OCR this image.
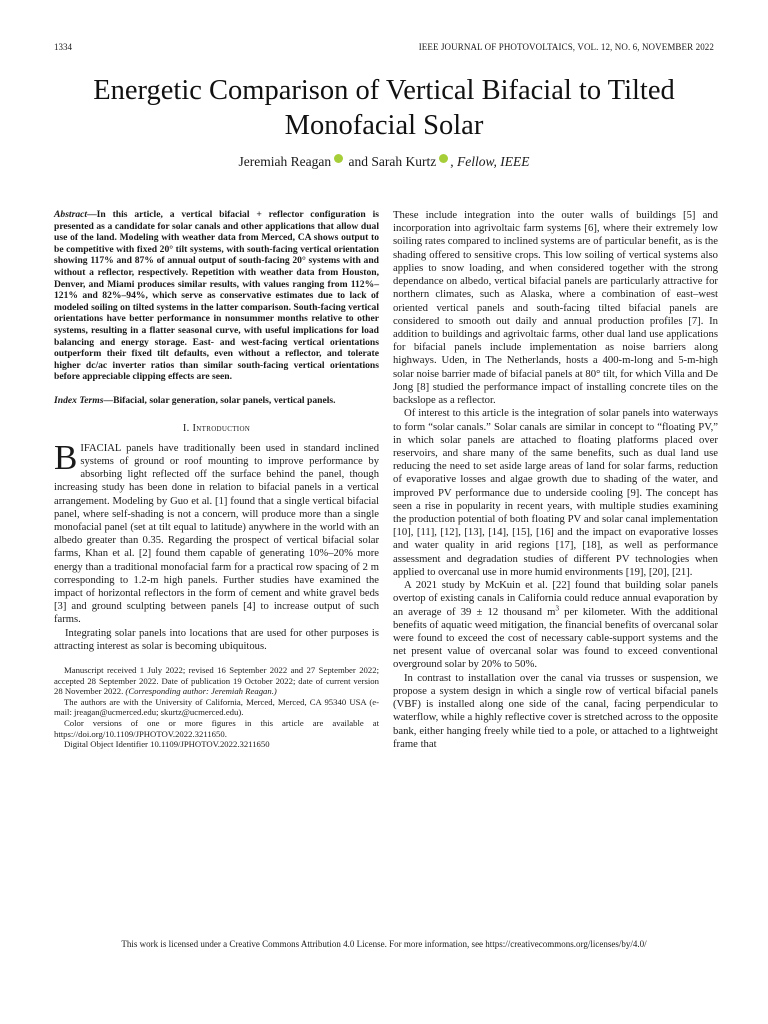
1334	IEEE JOURNAL OF PHOTOVOLTAICS, VOL. 12, NO. 6, NOVEMBER 2022
Energetic Comparison of Vertical Bifacial to Tilted Monofacial Solar
Jeremiah Reagan and Sarah Kurtz , Fellow, IEEE

Abstract—In this article, a vertical bifacial + reflector configuration is presented as a candidate for solar canals and other applications that allow dual use of the land. Modeling with weather data from Merced, CA shows output to be competitive with fixed 20° tilt systems, with south-facing vertical orientation showing 117% and 87% of annual output of south-facing 20° systems with and without a reflector, respectively. Repetition with weather data from Houston, Denver, and Miami produces similar results, with values ranging from 112%–121% and 82%–94%, which serve as conservative estimates due to lack of modeled soiling on tilted systems in the latter comparison. South-facing vertical orientations have better performance in nonsummer months relative to other systems, resulting in a flatter seasonal curve, with useful implications for load balancing and energy storage. East- and west-facing vertical orientations outperform their fixed tilt defaults, even without a reflector, and tolerate higher dc/ac inverter ratios than similar south-facing vertical orientations before appreciable clipping effects are seen.

Index Terms—Bifacial, solar generation, solar panels, vertical panels.

I. Introduction

BIFACIAL panels have traditionally been used in standard inclined systems of ground or roof mounting to improve performance by absorbing light reflected off the surface behind the panel, though increasing study has been done in relation to bifacial panels in a vertical arrangement. Modeling by Guo et al. [1] found that a single vertical bifacial panel, where self-shading is not a concern, will produce more than a single monofacial panel (set at tilt equal to latitude) anywhere in the world with an albedo greater than 0.35. Regarding the prospect of vertical bifacial solar farms, Khan et al. [2] found them capable of generating 10%–20% more energy than a traditional monofacial farm for a practical row spacing of 2 m corresponding to 1.2-m high panels. Further studies have examined the impact of horizontal reflectors in the form of cement and white gravel beds [3] and ground sculpting between panels [4] to increase output of such farms.

Integrating solar panels into locations that are used for other purposes is attracting interest as solar is becoming ubiquitous.

Manuscript received 1 July 2022; revised 16 September 2022 and 27 September 2022; accepted 28 September 2022. Date of publication 19 October 2022; date of current version 28 November 2022. (Corresponding author: Jeremiah Reagan.)

The authors are with the University of California, Merced, Merced, CA 95340 USA (e-mail: jreagan@ucmerced.edu; skurtz@ucmerced.edu).

Color versions of one or more figures in this article are available at https://doi.org/10.1109/JPHOTOV.2022.3211650.

Digital Object Identifier 10.1109/JPHOTOV.2022.3211650

These include integration into the outer walls of buildings [5] and incorporation into agrivoltaic farm systems [6], where their extremely low soiling rates compared to inclined systems are of particular benefit, as is the shading offered to sensitive crops. This low soiling of vertical systems also applies to snow loading, and when considered together with the strong dependance on albedo, vertical bifacial panels are particularly attractive for northern climates, such as Alaska, where a combination of east–west oriented vertical panels and south-facing tilted bifacial panels are considered to smooth out daily and annual production profiles [7]. In addition to buildings and agrivoltaic farms, other dual land use applications for bifacial panels include implementation as noise barriers along highways. Uden, in The Netherlands, hosts a 400-m-long and 5-m-high solar noise barrier made of bifacial panels at 80° tilt, for which Villa and De Jong [8] studied the performance impact of installing concrete tiles on the backslope as a reflector.

Of interest to this article is the integration of solar panels into waterways to form “solar canals.” Solar canals are similar in concept to “floating PV,” in which solar panels are attached to floating platforms placed over reservoirs, and share many of the same benefits, such as dual land use reducing the need to set aside large areas of land for solar farms, reduction of evaporative losses and algae growth due to shading of the water, and improved PV performance due to underside cooling [9]. The concept has seen a rise in popularity in recent years, with multiple studies examining the production potential of both floating PV and solar canal implementation [10], [11], [12], [13], [14], [15], [16] and the impact on evaporative losses and water quality in arid regions [17], [18], as well as performance assessment and degradation studies of different PV technologies when applied to overcanal use in more humid environments [19], [20], [21].

A 2021 study by McKuin et al. [22] found that building solar panels overtop of existing canals in California could reduce annual evaporation by an average of 39 ± 12 thousand $m^3$ per kilometer. With the additional benefits of aquatic weed mitigation, the financial benefits of overcanal solar were found to exceed the cost of necessary cable-support systems and the net present value of overcanal solar was found to exceed conventional overground solar by 20% to 50%.

In contrast to installation over the canal via trusses or suspension, we propose a system design in which a single row of vertical bifacial panels (VBF) is installed along one side of the canal, facing perpendicular to waterflow, while a highly reflective cover is stretched across to the opposite bank, either hanging freely while tied to a pole, or attached to a lightweight frame that

This work is licensed under a Creative Commons Attribution 4.0 License. For more information, see https://creativecommons.org/licenses/by/4.0/
